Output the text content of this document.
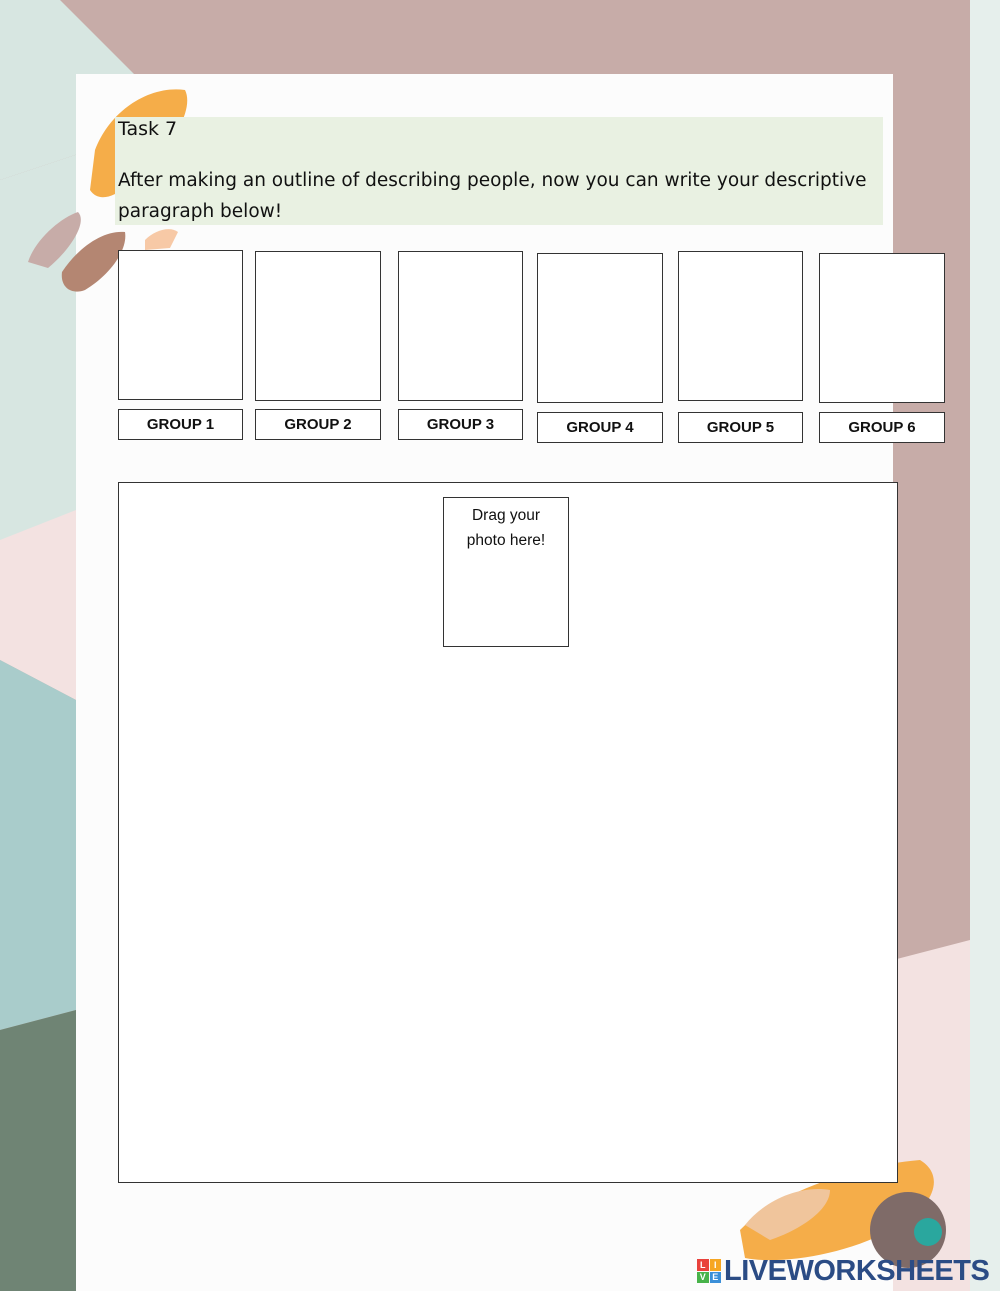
Task 7
After making an outline of describing people, now you can write your descriptive paragraph below!
GROUP 1	GROUP 2	GROUP 3	GROUP 4	GROUP 5	GROUP 6
Drag your photo here!
L I
V E LIVEWORKSHEETS
